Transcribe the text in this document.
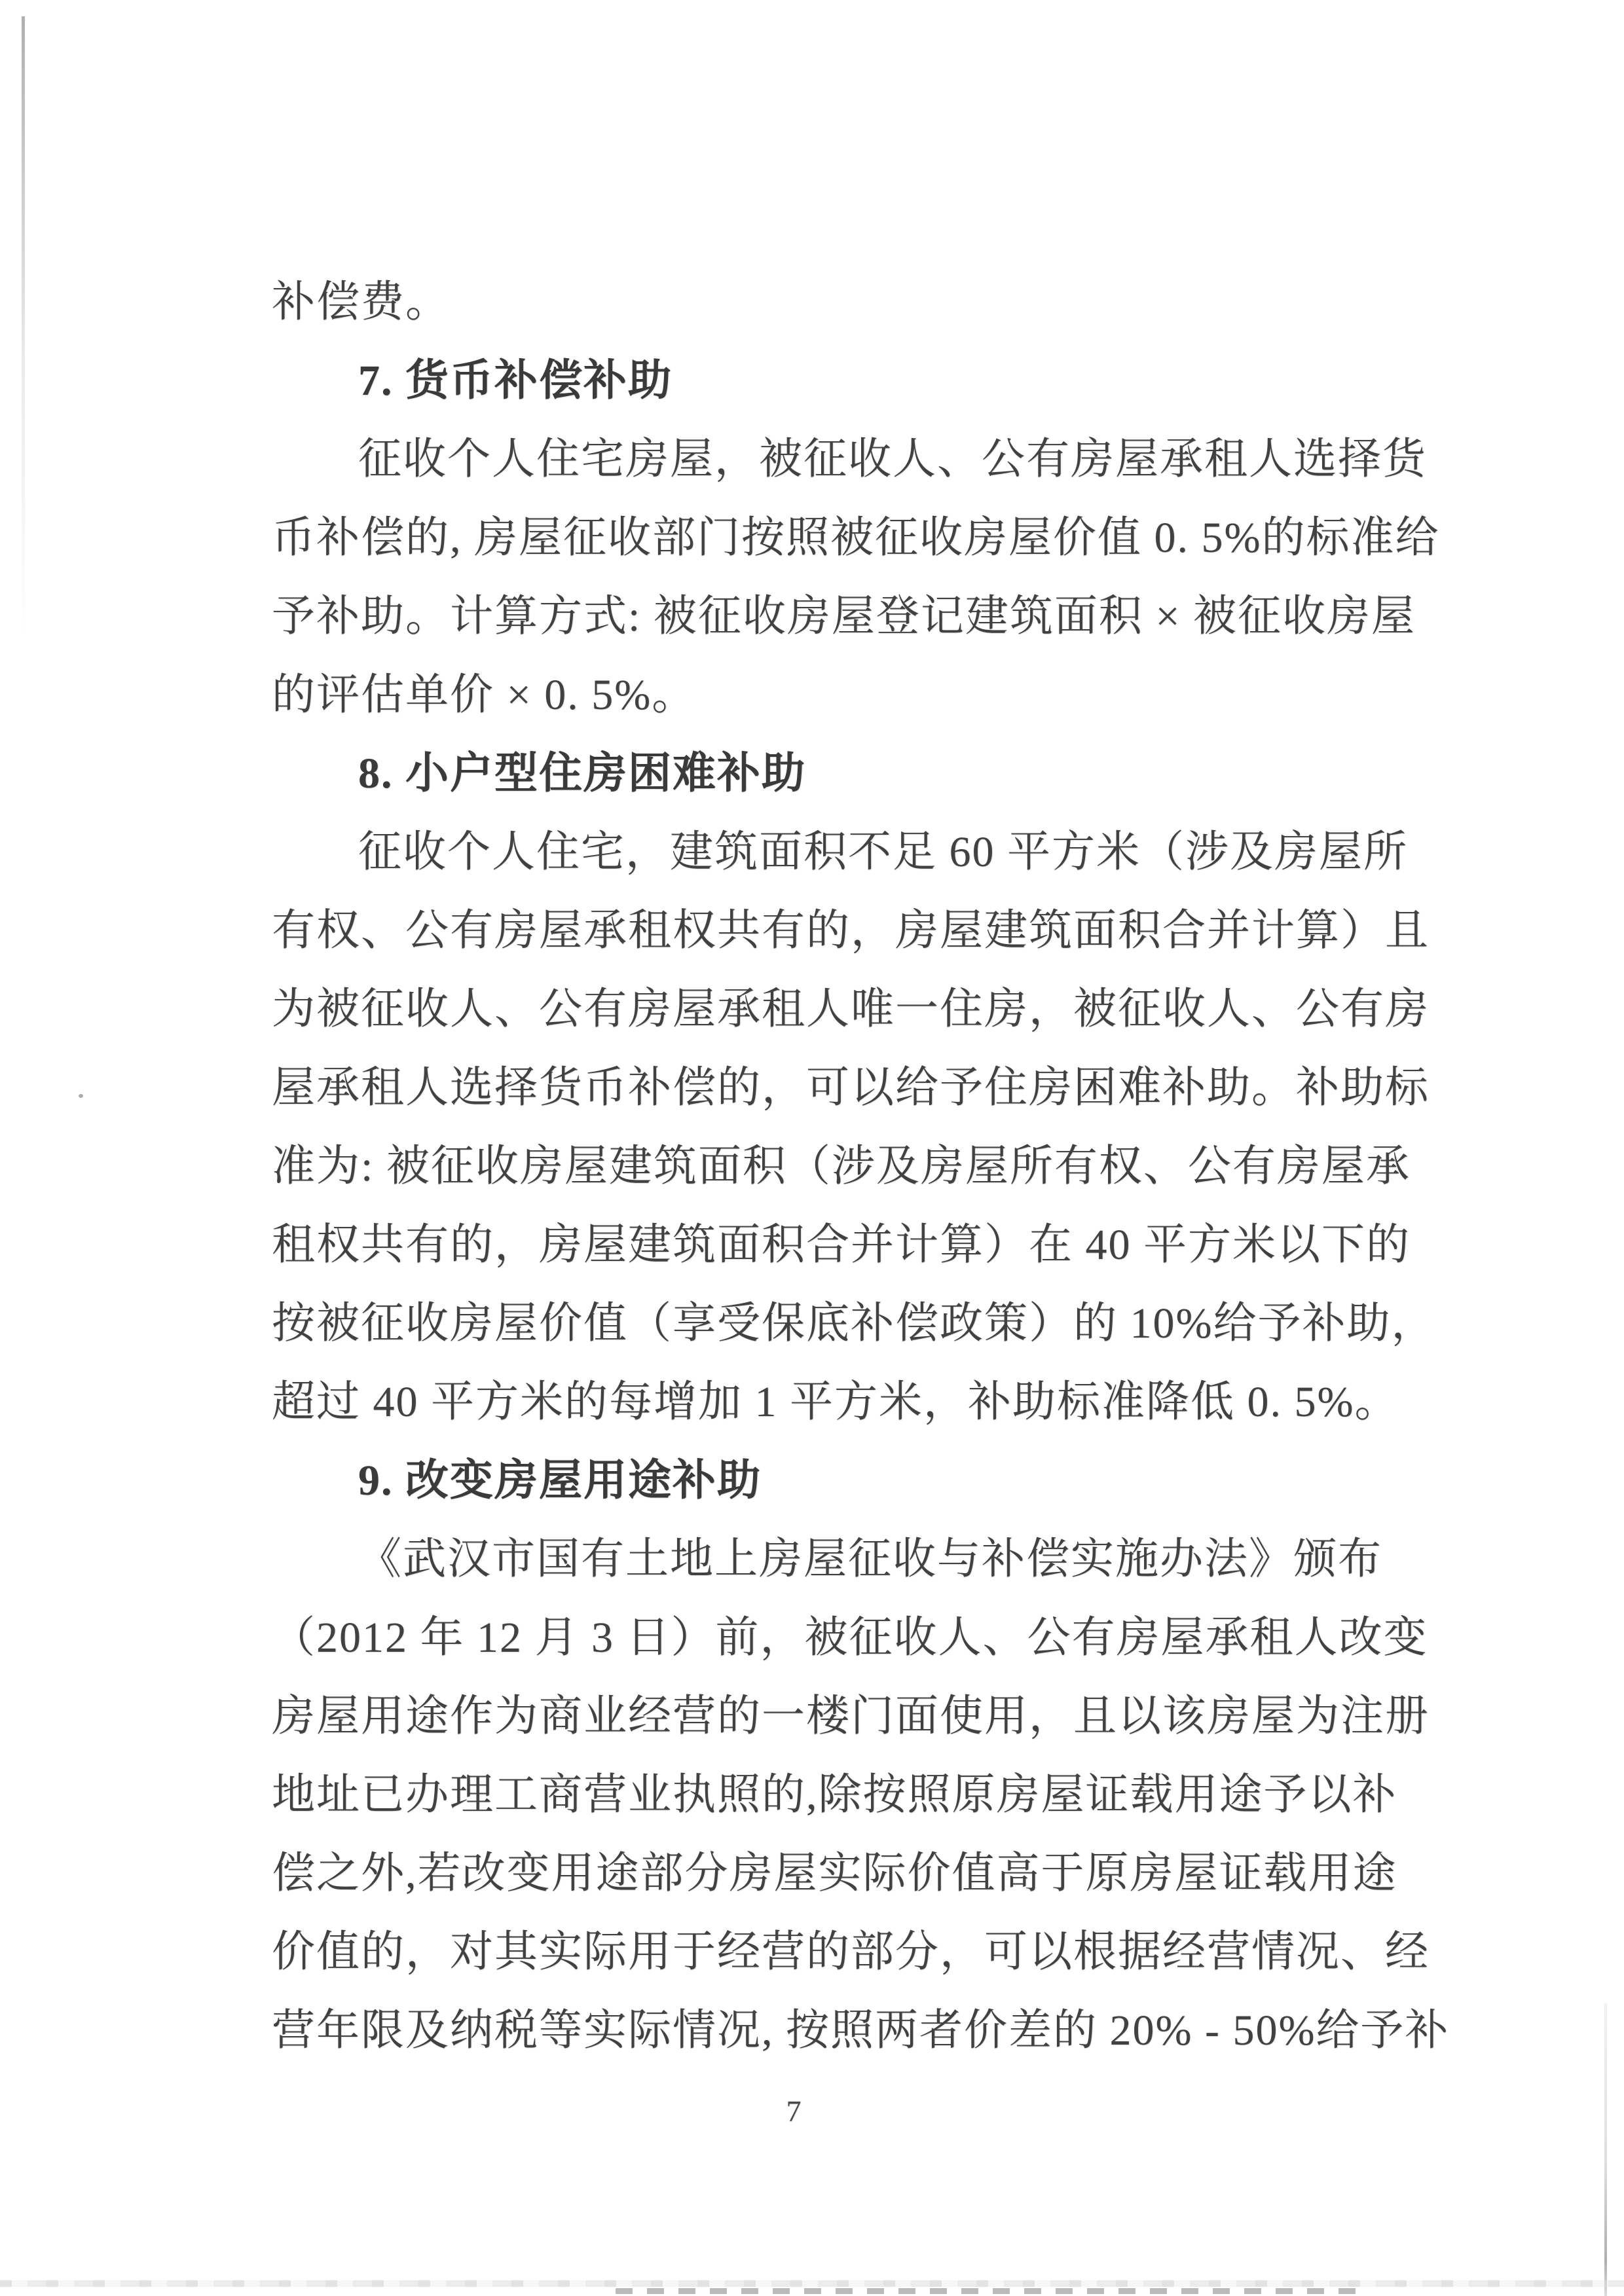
补偿费。
7. 货币补偿补助
征收个人住宅房屋，被征收人、公有房屋承租人选择货
币补偿的, 房屋征收部门按照被征收房屋价值 0. 5%的标准给
予补助。计算方式: 被征收房屋登记建筑面积 × 被征收房屋
的评估单价 × 0. 5%。
8. 小户型住房困难补助
征收个人住宅，建筑面积不足 60 平方米（涉及房屋所
有权、公有房屋承租权共有的，房屋建筑面积合并计算）且
为被征收人、公有房屋承租人唯一住房，被征收人、公有房
屋承租人选择货币补偿的，可以给予住房困难补助。补助标
准为: 被征收房屋建筑面积（涉及房屋所有权、公有房屋承
租权共有的，房屋建筑面积合并计算）在 40 平方米以下的
按被征收房屋价值（享受保底补偿政策）的 10%给予补助，
超过 40 平方米的每增加 1 平方米，补助标准降低 0. 5%。
9. 改变房屋用途补助
《武汉市国有土地上房屋征收与补偿实施办法》颁布
（2012 年 12 月 3 日）前，被征收人、公有房屋承租人改变
房屋用途作为商业经营的一楼门面使用，且以该房屋为注册
地址已办理工商营业执照的,除按照原房屋证载用途予以补
偿之外,若改变用途部分房屋实际价值高于原房屋证载用途
价值的，对其实际用于经营的部分，可以根据经营情况、经
营年限及纳税等实际情况, 按照两者价差的 20% - 50%给予补
7
